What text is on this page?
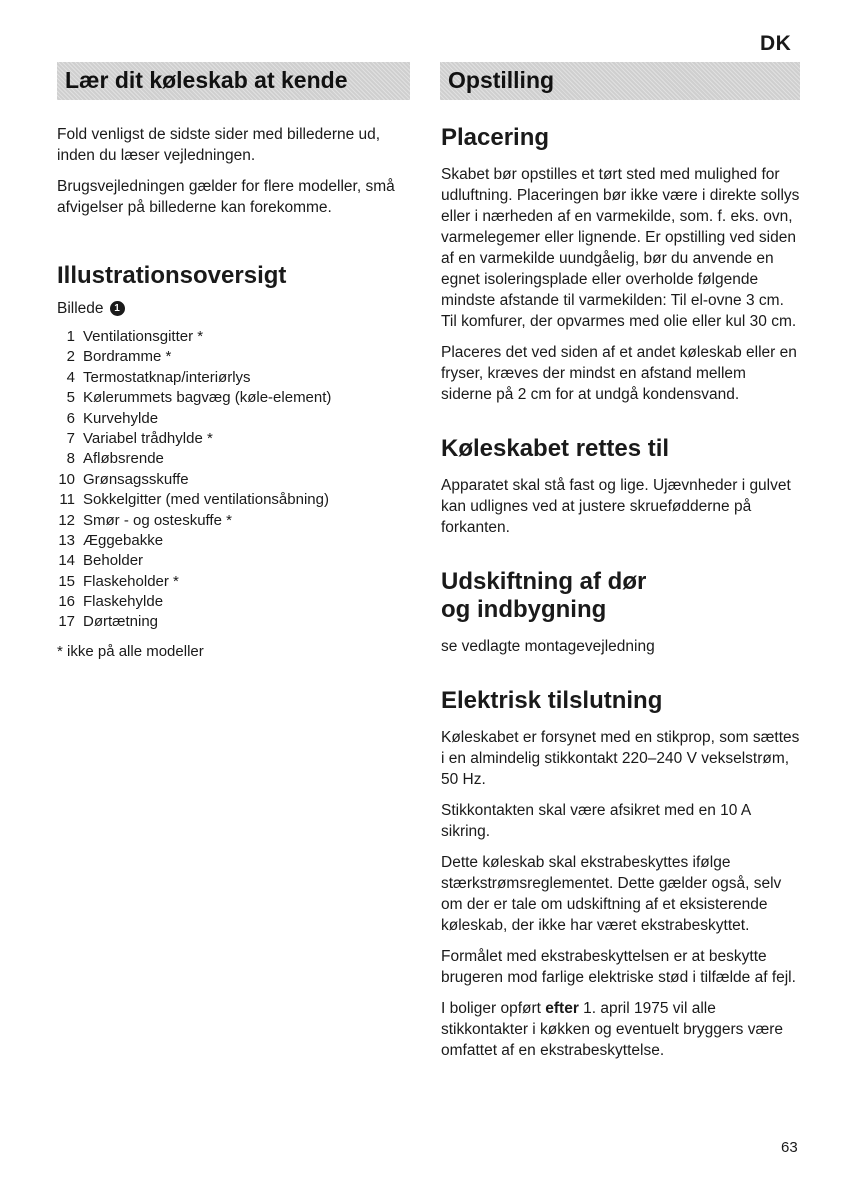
DK
Lær dit køleskab at kende	Opstilling

Fold venligst de sidste sider med billederne ud, inden du læser vejledningen.

Brugsvejledningen gælder for flere modeller, små afvigelser på billederne kan forekomme.

Illustrationsoversigt
Billede	1
1 Ventilationsgitter *
2 Bordramme *
4 Termostatknap/interiørlys
5 Kølerummets bagvæg (køle-element)
6 Kurvehylde
7 Variabel trådhylde *
8 Afløbsrende
10 Grønsagsskuffe
11 Sokkelgitter (med ventilationsåbning)
12 Smør - og osteskuffe *
13 Æggebakke
14 Beholder
15 Flaskeholder *
16 Flaskehylde
17 Dørtætning

* ikke på alle modeller

Placering

Skabet bør opstilles et tørt sted med mulighed for udluftning. Placeringen bør ikke være i direkte sollys eller i nærheden af en varmekilde, som. f. eks. ovn, varmelegemer eller lignende. Er opstilling ved siden af en varmekilde uundgåelig, bør du anvende en egnet isoleringsplade eller overholde følgende mindste afstande til varmekilden: Til el-ovne 3 cm. Til komfurer, der opvarmes med olie eller kul 30 cm.

Placeres det ved siden af et andet køleskab eller en fryser, kræves der mindst en afstand mellem siderne på 2 cm for at undgå kondensvand.

Køleskabet rettes til

Apparatet skal stå fast og lige. Ujævnheder i gulvet kan udlignes ved at justere skruefødderne på forkanten.

Udskiftning af dør
og indbygning

se vedlagte montagevejledning

Elektrisk tilslutning

Køleskabet er forsynet med en stikprop, som sættes i en almindelig stikkontakt 220–240 V vekselstrøm, 50 Hz.

Stikkontakten skal være afsikret med en 10 A sikring.

Dette køleskab skal ekstrabeskyttes ifølge stærkstrømsreglementet. Dette gælder også, selv om der er tale om udskiftning af et eksisterende køleskab, der ikke har været ekstrabeskyttet.

Formålet med ekstrabeskyttelsen er at beskytte brugeren mod farlige elektriske stød i tilfælde af fejl.

I boliger opført efter 1. april 1975 vil alle stikkontakter i køkken og eventuelt bryggers være omfattet af en ekstrabeskyttelse.

63
